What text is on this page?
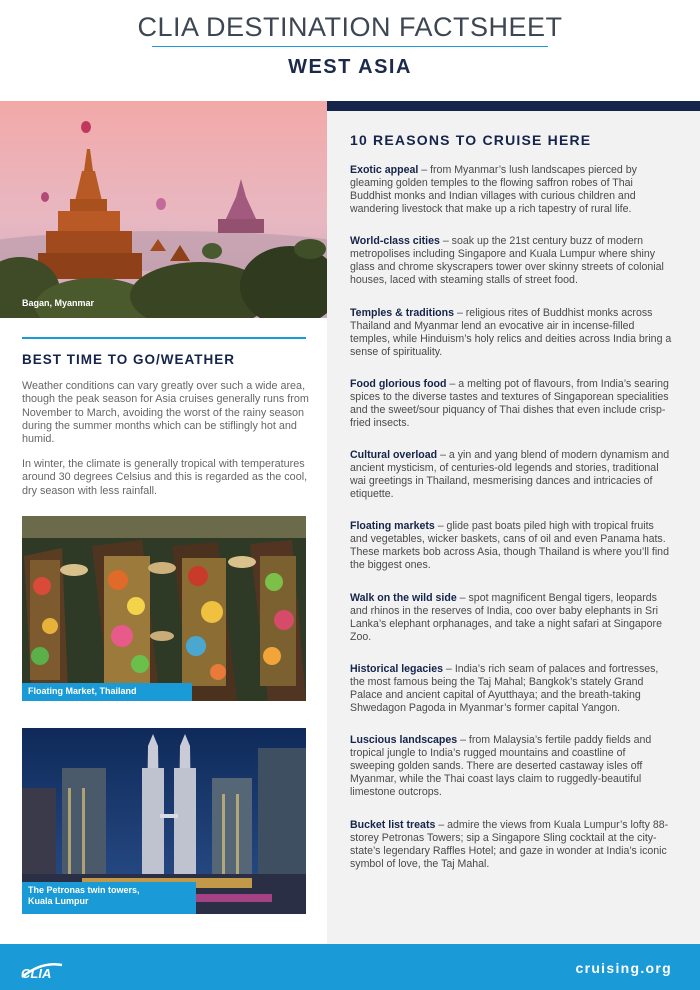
CLIA DESTINATION FACTSHEET
WEST ASIA
10 REASONS TO CRUISE HERE

Exotic appeal – from Myanmar’s lush landscapes pierced by gleaming golden temples to the flowing saffron robes of Thai Buddhist monks and Indian villages with curious children and wandering livestock that make up a rich tapestry of rural life.

World-class cities – soak up the 21st century buzz of modern metropolises including Singapore and Kuala Lumpur where shiny glass and chrome skyscrapers tower over skinny streets of colonial houses, laced with steaming stalls of street food.

Temples & traditions – religious rites of Buddhist monks across Thailand and Myanmar lend an evocative air in incense-filled temples, while Hinduism’s holy relics and deities across India bring a sense of spirituality.

Food glorious food – a melting pot of flavours, from India’s searing spices to the diverse tastes and textures of Singaporean specialities and the sweet/sour piquancy of Thai dishes that even include crisp-fried insects.

Cultural overload – a yin and yang blend of modern dynamism and ancient mysticism, of centuries-old legends and stories, traditional wai greetings in Thailand, mesmerising dances and intricacies of etiquette.

Floating markets – glide past boats piled high with tropical fruits and vegetables, wicker baskets, cans of oil and even Panama hats. These markets bob across Asia, though Thailand is where you’ll find the biggest ones.

Walk on the wild side – spot magnificent Bengal tigers, leopards and rhinos in the reserves of India, coo over baby elephants in Sri Lanka’s elephant orphanages, and take a night safari at Singapore Zoo.

Historical legacies – India’s rich seam of palaces and fortresses, the most famous being the Taj Mahal; Bangkok’s stately Grand Palace and ancient capital of Ayutthaya; and the breath-taking Shwedagon Pagoda in Myanmar’s former capital Yangon.

Luscious landscapes – from Malaysia’s fertile paddy fields and tropical jungle to India’s rugged mountains and coastline of sweeping golden sands. There are deserted castaway isles off Myanmar, while the Thai coast lays claim to ruggedly-beautiful limestone outcrops.

Bucket list treats – admire the views from Kuala Lumpur’s lofty 88-storey Petronas Towers; sip a Singapore Sling cocktail at the city-state’s legendary Raffles Hotel; and gaze in wonder at India’s iconic symbol of love, the Taj Mahal.

Bagan, Myanmar
BEST TIME TO GO/WEATHER

Weather conditions can vary greatly over such a wide area, though the peak season for Asia cruises generally runs from November to March, avoiding the worst of the rainy season during the summer months which can be stiflingly hot and humid.

In winter, the climate is generally tropical with temperatures around 30 degrees Celsius and this is regarded as the cool, dry season with less rainfall.

Floating Market, Thailand
The Petronas twin towers,
Kuala Lumpur
CLIA	cruising.org
